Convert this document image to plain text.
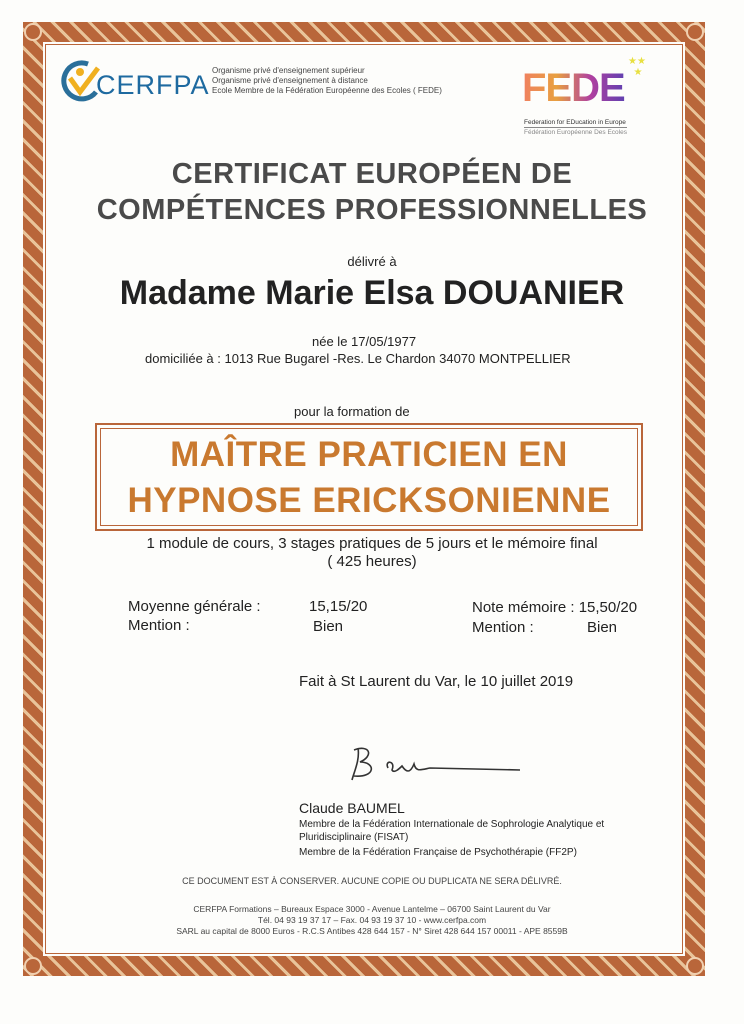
CERFPA Organisme privé d'enseignement supérieur
Organisme privé d'enseignement à distance
Ecole Membre de la Fédération Européenne des Ecoles ( FEDE) FEDE
★★
★
Federation for EDucation in Europe
Fédération Européenne Des Ecoles
CERTIFICAT EUROPÉEN DE
COMPÉTENCES PROFESSIONNELLES
délivré à
Madame Marie Elsa DOUANIER
née le 17/05/1977
domiciliée à : 1013 Rue Bugarel -Res. Le Chardon 34070 MONTPELLIER
pour la formation de
MAÎTRE PRATICIEN EN
HYPNOSE ERICKSONIENNE
1 module de cours, 3 stages pratiques de 5 jours et le mémoire final
( 425 heures)
Moyenne générale :	15,15/20
Mention :	Bien
Note mémoire : 15,50/20
Mention :	Bien
Fait à St Laurent du Var, le 10 juillet 2019
Claude BAUMEL
Membre de la Fédération Internationale de Sophrologie Analytique et
Pluridisciplinaire (FISAT)
Membre de la Fédération Française de Psychothérapie (FF2P)
CE DOCUMENT EST À CONSERVER. AUCUNE COPIE OU DUPLICATA NE SERA DÉLIVRÉ.
CERFPA Formations – Bureaux Espace 3000 - Avenue Lantelme – 06700 Saint Laurent du Var
Tél. 04 93 19 37 17 – Fax. 04 93 19 37 10 - www.cerfpa.com
SARL au capital de 8000 Euros - R.C.S Antibes 428 644 157 - N° Siret 428 644 157 00011 - APE 8559B
